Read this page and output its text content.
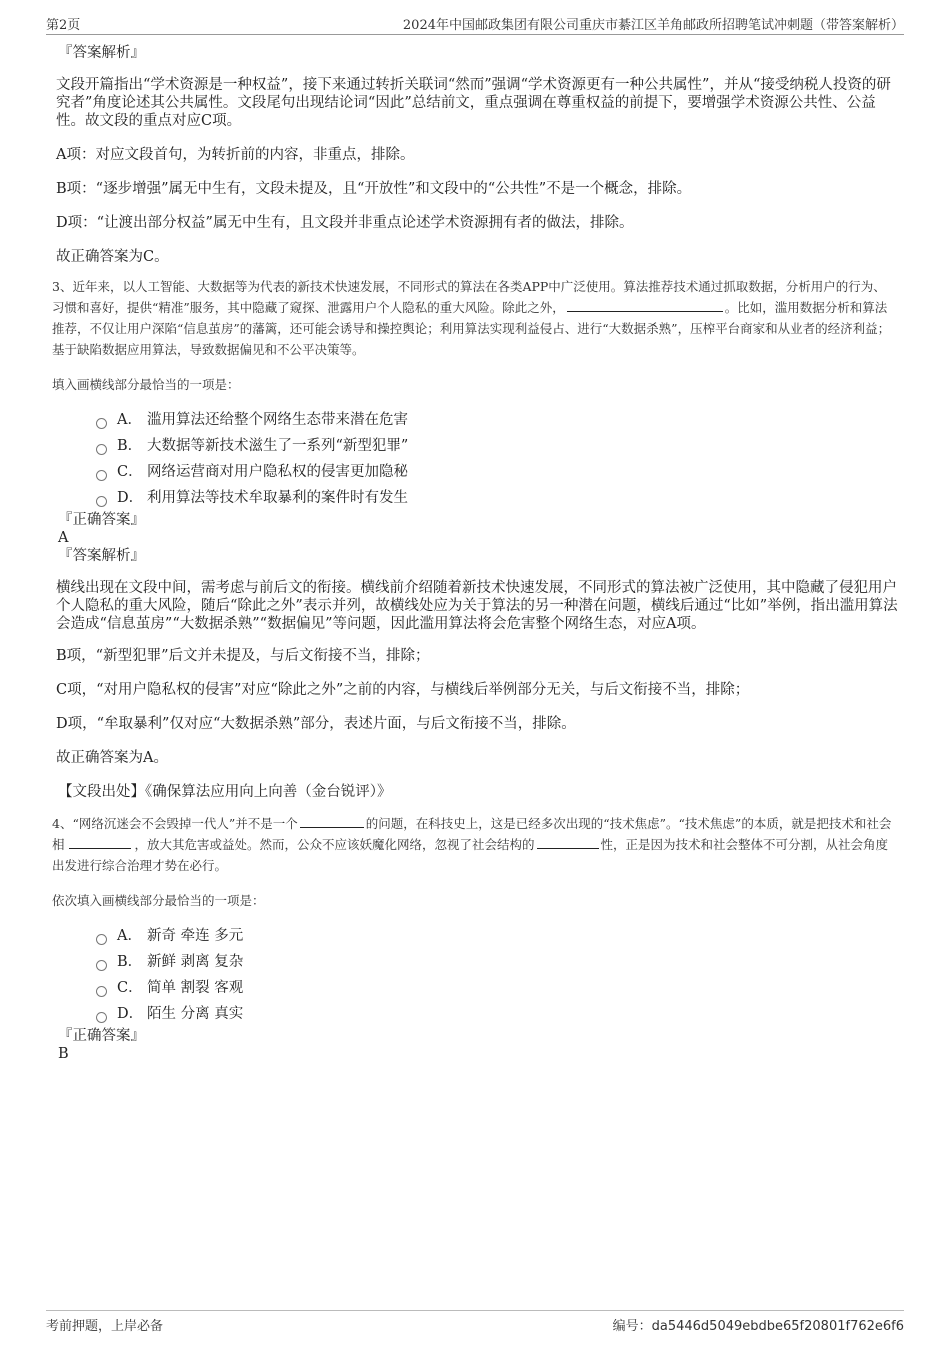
第2页	2024年中国邮政集团有限公司重庆市綦江区羊角邮政所招聘笔试冲刺题（带答案解析）
『答案解析』
文段开篇指出“学术资源是一种权益”，接下来通过转折关联词“然而”强调“学术资源更有一种公共属性”，并从“接受纳税人投资的研究者”角度论述其公共属性。文段尾句出现结论词“因此”总结前文，重点强调在尊重权益的前提下，要增强学术资源公共性、公益性。故文段的重点对应C项。
A项：对应文段首句，为转折前的内容，非重点，排除。
B项：“逐步增强”属无中生有，文段未提及，且“开放性”和文段中的“公共性”不是一个概念，排除。
D项：“让渡出部分权益”属无中生有，且文段并非重点论述学术资源拥有者的做法，排除。
故正确答案为C。
3、近年来，以人工智能、大数据等为代表的新技术快速发展，不同形式的算法在各类APP中广泛使用。算法推荐技术通过抓取数据，分析用户的行为、习惯和喜好，提供“精准”服务，其中隐藏了窥探、泄露用户个人隐私的重大风险。除此之外，	。比如，滥用数据分析和算法推荐，不仅让用户深陷“信息茧房”的藩篱，还可能会诱导和操控舆论；利用算法实现利益侵占、进行“大数据杀熟”，压榨平台商家和从业者的经济利益；基于缺陷数据应用算法，导致数据偏见和不公平决策等。
填入画横线部分最恰当的一项是：
A． 滥用算法还给整个网络生态带来潜在危害
B． 大数据等新技术滋生了一系列“新型犯罪”
C． 网络运营商对用户隐私权的侵害更加隐秘
D． 利用算法等技术牟取暴利的案件时有发生
『正确答案』
A
『答案解析』
横线出现在文段中间，需考虑与前后文的衔接。横线前介绍随着新技术快速发展，不同形式的算法被广泛使用，其中隐藏了侵犯用户个人隐私的重大风险，随后“除此之外”表示并列，故横线处应为关于算法的另一种潜在问题，横线后通过“比如”举例，指出滥用算法会造成“信息茧房”“大数据杀熟”“数据偏见”等问题，因此滥用算法将会危害整个网络生态，对应A项。
B项，“新型犯罪”后文并未提及，与后文衔接不当，排除；
C项，“对用户隐私权的侵害”对应“除此之外”之前的内容，与横线后举例部分无关，与后文衔接不当，排除；
D项，“牟取暴利”仅对应“大数据杀熟”部分，表述片面，与后文衔接不当，排除。
故正确答案为A。
【文段出处】《确保算法应用向上向善（金台锐评）》
4、“网络沉迷会不会毁掉一代人”并不是一个	的问题，在科技史上，这是已经多次出现的“技术焦虑”。“技术焦虑”的本质，就是把技术和社会相	，放大其危害或益处。然而，公众不应该妖魔化网络，忽视了社会结构的	性，正是因为技术和社会整体不可分割，从社会角度出发进行综合治理才势在必行。
依次填入画横线部分最恰当的一项是：
A． 新奇 牵连 多元
B． 新鲜 剥离 复杂
C． 简单 割裂 客观
D． 陌生 分离 真实
『正确答案』
B
考前押题，上岸必备	编号：da5446d5049ebdbe65f20801f762e6f6
